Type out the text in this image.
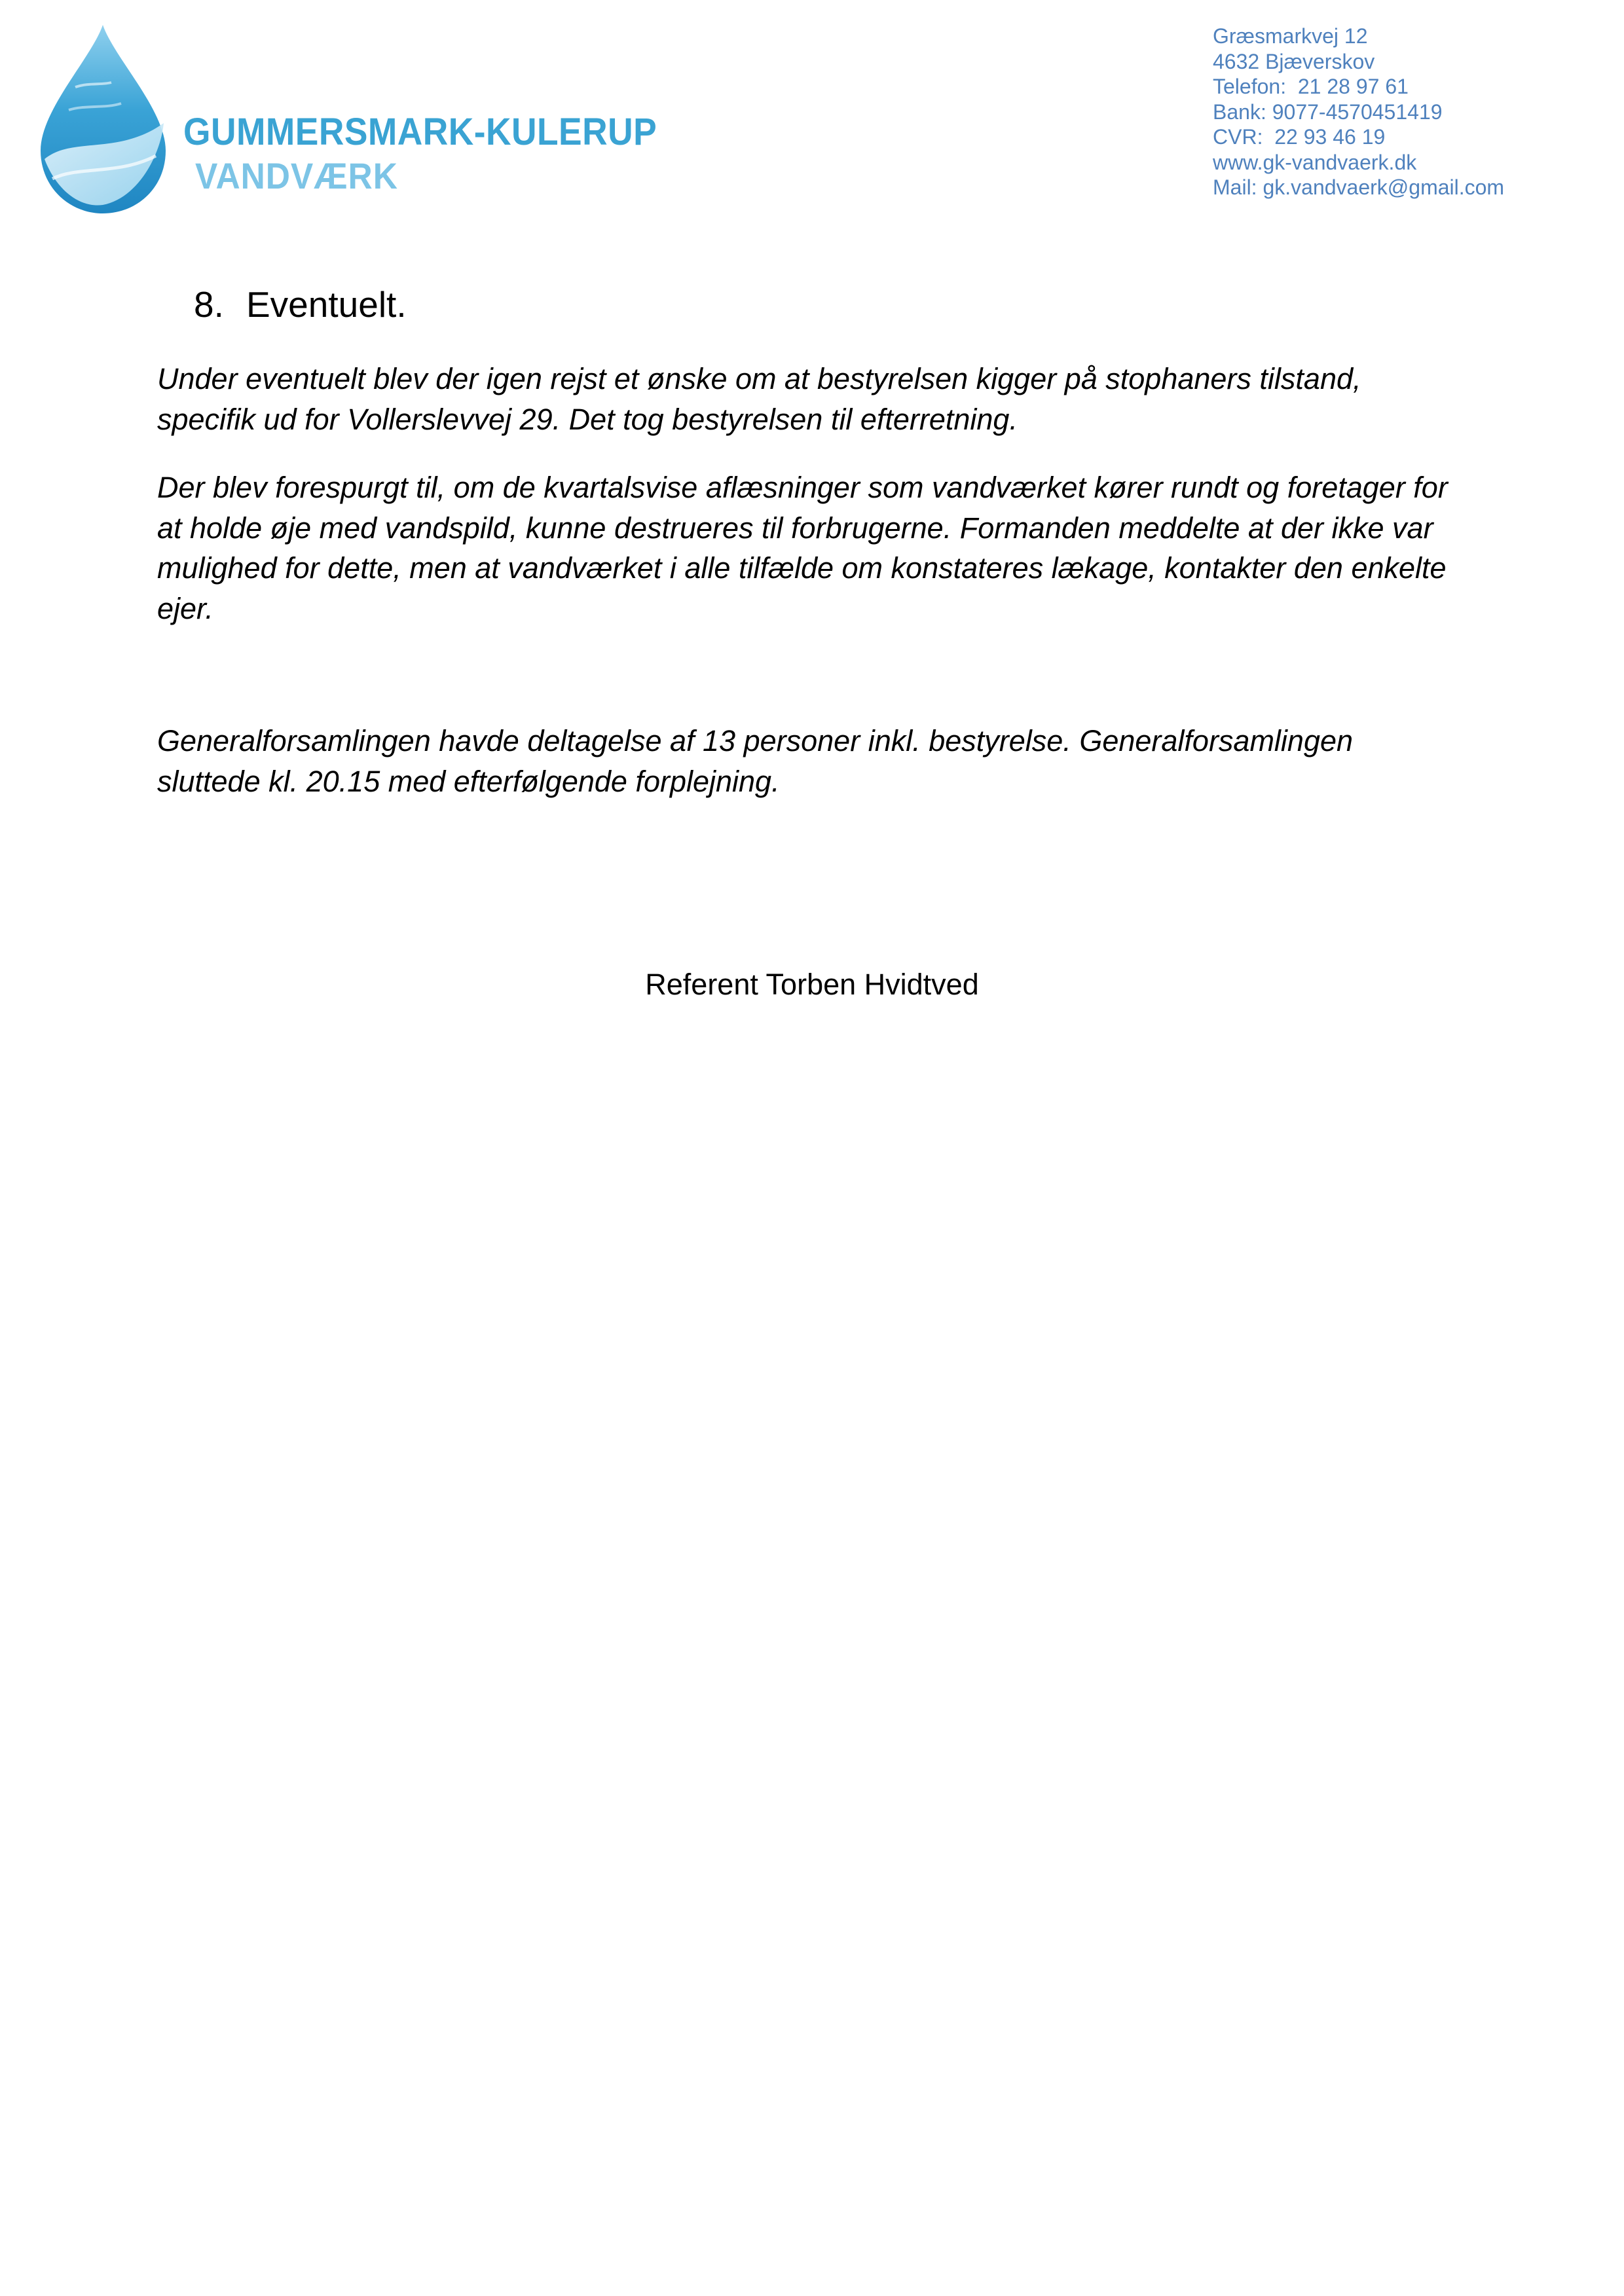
GUMMERSMARK-KULERUP
VANDVÆRK
Græsmarkvej 12
4632 Bjæverskov
Telefon:  21 28 97 61
Bank: 9077-4570451419
CVR:  22 93 46 19
www.gk-vandvaerk.dk
Mail: gk.vandvaerk@gmail.com
8. Eventuelt.

Under eventuelt blev der igen rejst et ønske om at bestyrelsen kigger på stophaners tilstand,
specifik ud for Vollerslevvej 29. Det tog bestyrelsen til efterretning.

Der blev forespurgt til, om de kvartalsvise aflæsninger som vandværket kører rundt og foretager for
at holde øje med vandspild, kunne destrueres til forbrugerne. Formanden meddelte at der ikke var
mulighed for dette, men at vandværket i alle tilfælde om konstateres lækage, kontakter den enkelte
ejer.

Generalforsamlingen havde deltagelse af 13 personer inkl. bestyrelse. Generalforsamlingen
sluttede kl. 20.15 med efterfølgende forplejning.

Referent Torben Hvidtved
